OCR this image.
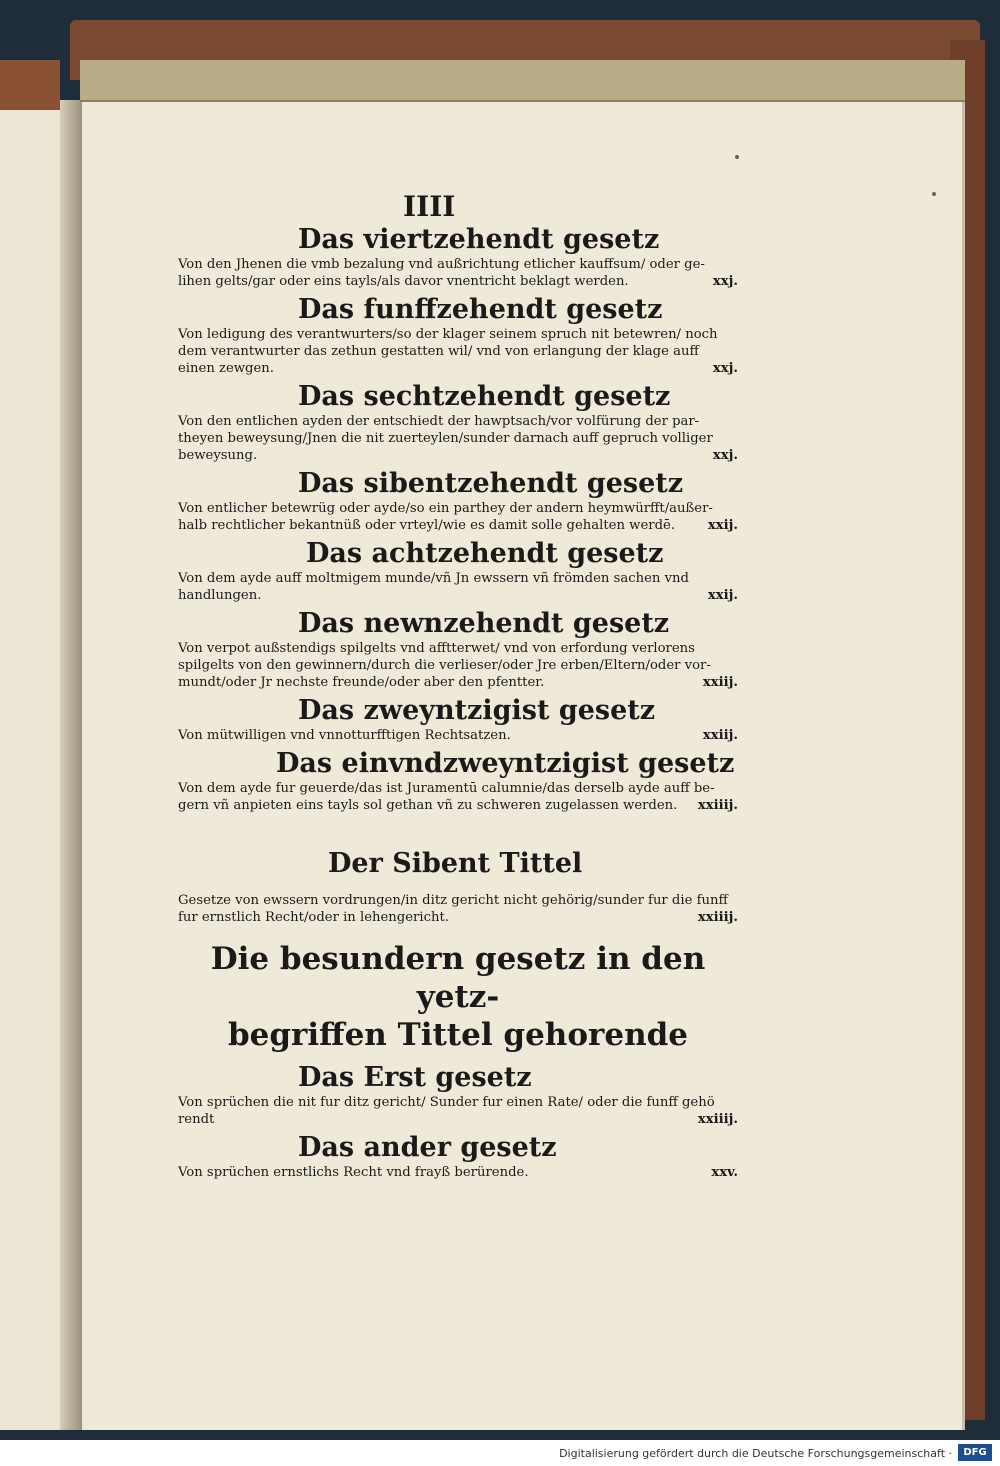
IIII
Das viertzehendt gesetz
Von den Jhenen die vmb bezalung vnd außrichtung etlicher kauffsum/ oder ge-
lihen gelts/gar oder eins tayls/als davor vnentricht beklagt werden.	xxj.
Das funffzehendt gesetz
Von ledigung des verantwurters/so der klager seinem spruch nit betewren/ noch
dem verantwurter das zethun gestatten wil/ vnd von erlangung der klage auff
einen zewgen.	xxj.
Das sechtzehendt gesetz
Von den entlichen ayden der entschiedt der hawptsach/vor volfürung der par-
theyen beweysung/Jnen die nit zuerteylen/sunder darnach auff gepruch volliger
beweysung.	xxj.
Das sibentzehendt gesetz
Von entlicher betewrüg oder ayde/so ein parthey der andern heymwürfft/außer-
halb rechtlicher bekantnüß oder vrteyl/wie es damit solle gehalten werdē. xxij.
Das achtzehendt gesetz
Von dem ayde auff moltmigem munde/vñ Jn ewssern vñ frömden sachen vnd
handlungen.	xxij.
Das newnzehendt gesetz
Von verpot außstendigs spilgelts vnd afftterwet/ vnd von erfordung verlorens
spilgelts von den gewinnern/durch die verlieser/oder Jre erben/Eltern/oder vor-
mundt/oder Jr nechste freunde/oder aber den pfentter.	xxiij.
Das zweyntzigist gesetz
Von mütwilligen vnd vnnotturfftigen Rechtsatzen.	xxiij.
Das einvndzweyntzigist gesetz
Von dem ayde fur geuerde/das ist Juramentū calumnie/das derselb ayde auff be-
gern vñ anpieten eins tayls sol gethan vñ zu schweren zugelassen werden. xxiiij.
Der Sibent Tittel
Gesetze von ewssern vordrungen/in ditz gericht nicht gehörig/sunder fur die funff
fur ernstlich Recht/oder in lehengericht.	xxiiij.
Die besundern gesetz in den yetz-
begriffen Tittel gehorende
Das Erst gesetz
Von sprüchen die nit fur ditz gericht/ Sunder fur einen Rate/ oder die funff gehö
rendt	xxiiij.
Das ander gesetz
Von sprüchen ernstlichs Recht vnd frayß berürende.	xxv.
Digitalisierung gefördert durch die Deutsche Forschungsgemeinschaft ·	DFG
